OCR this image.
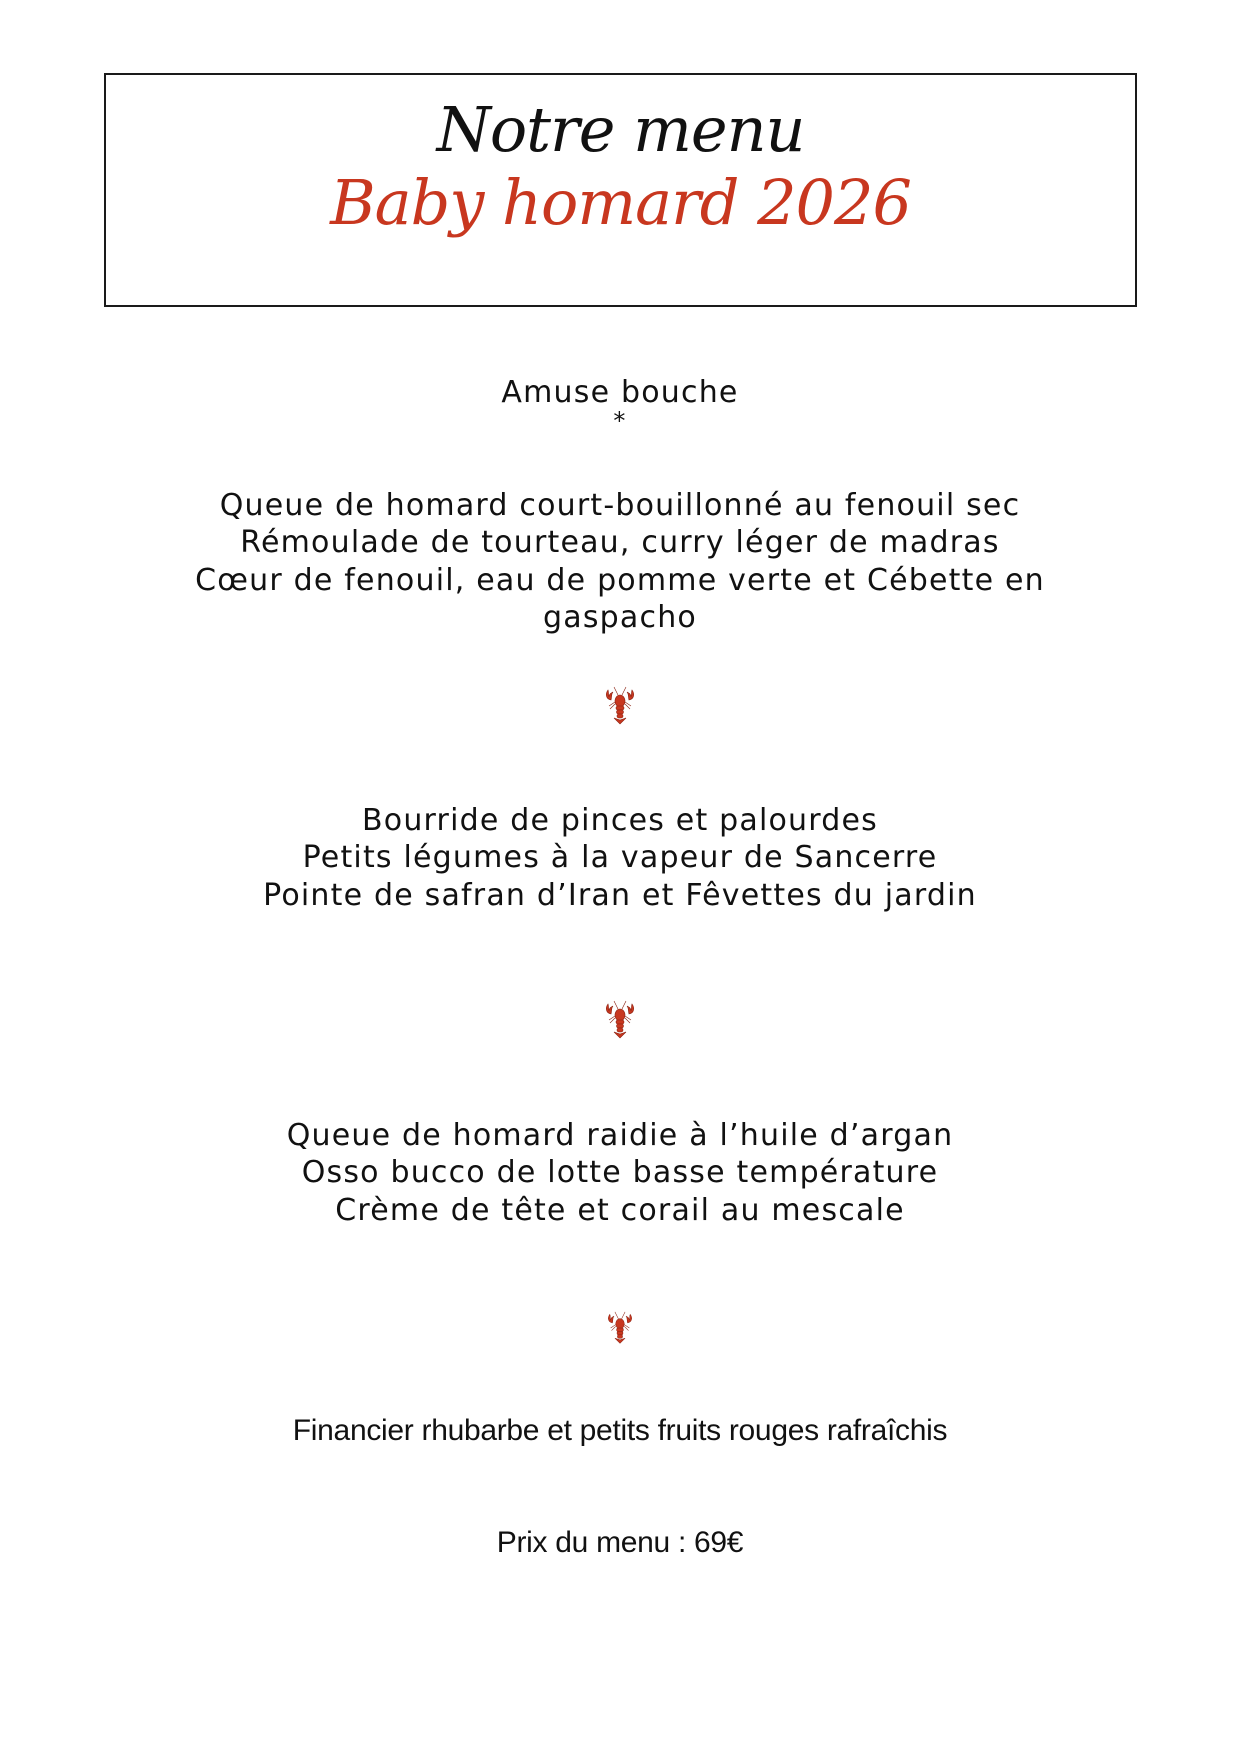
Notre menu
Baby homard 2026
Amuse bouche
*
Queue de homard court-bouillonné au fenouil sec
Rémoulade de tourteau, curry léger de madras
Cœur de fenouil, eau de pomme verte et Cébette en
gaspacho
Bourride de pinces et palourdes
Petits légumes à la vapeur de Sancerre
Pointe de safran d’Iran et Fêvettes du jardin
Queue de homard raidie à l’huile d’argan
Osso bucco de lotte basse température
Crème de tête et corail au mescale
Financier rhubarbe et petits fruits rouges rafraîchis
Prix du menu : 69€
